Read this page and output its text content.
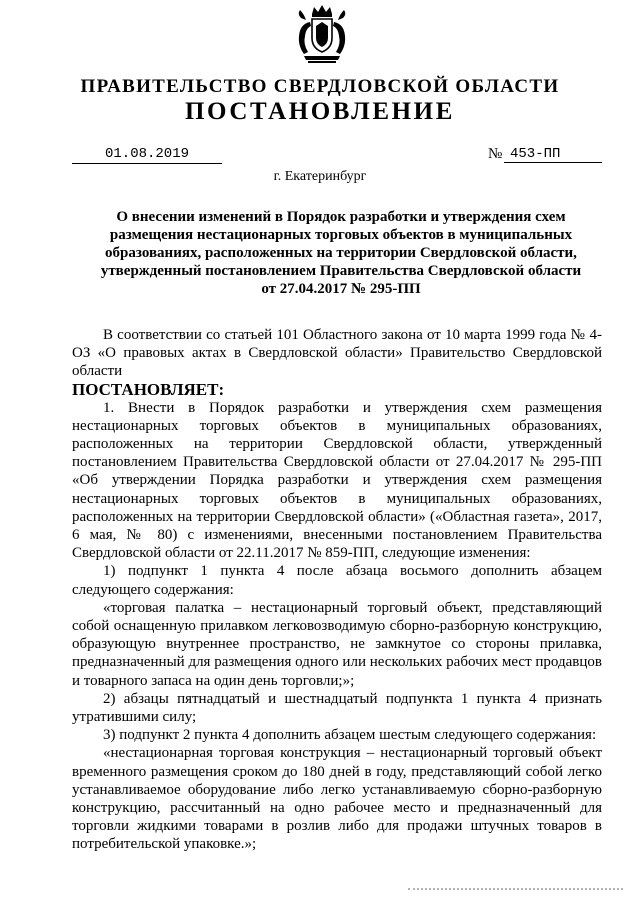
ПРАВИТЕЛЬСТВО СВЕРДЛОВСКОЙ ОБЛАСТИ
ПОСТАНОВЛЕНИЕ
01.08.2019	№ 453-ПП
г. Екатеринбург
О внесении изменений в Порядок разработки и утверждения схем
размещения нестационарных торговых объектов в муниципальных
образованиях, расположенных на территории Свердловской области,
утвержденный постановлением Правительства Свердловской области
от 27.04.2017 № 295-ПП

В соответствии со статьей 101 Областного закона от 10 марта 1999 года № 4-ОЗ «О правовых актах в Свердловской области» Правительство Свердловской области

ПОСТАНОВЛЯЕТ:

1. Внести в Порядок разработки и утверждения схем размещения нестационарных торговых объектов в муниципальных образованиях, расположенных на территории Свердловской области, утвержденный постановлением Правительства Свердловской области от 27.04.2017 № 295-ПП «Об утверждении Порядка разработки и утверждения схем размещения нестационарных торговых объектов в муниципальных образованиях, расположенных на территории Свердловской области» («Областная газета», 2017, 6 мая, № 80) с изменениями, внесенными постановлением Правительства Свердловской области от 22.11.2017 № 859-ПП, следующие изменения:

1) подпункт 1 пункта 4 после абзаца восьмого дополнить абзацем следующего содержания:

«торговая палатка – нестационарный торговый объект, представляющий собой оснащенную прилавком легковозводимую сборно-разборную конструкцию, образующую внутреннее пространство, не замкнутое со стороны прилавка, предназначенный для размещения одного или нескольких рабочих мест продавцов и товарного запаса на один день торговли;»;

2) абзацы пятнадцатый и шестнадцатый подпункта 1 пункта 4 признать утратившими силу;

3) подпункт 2 пункта 4 дополнить абзацем шестым следующего содержания:

«нестационарная торговая конструкция – нестационарный торговый объект временного размещения сроком до 180 дней в году, представляющий собой легко устанавливаемое оборудование либо легко устанавливаемую сборно-разборную конструкцию, рассчитанный на одно рабочее место и предназначенный для торговли жидкими товарами в розлив либо для продажи штучных товаров в потребительской упаковке.»;
